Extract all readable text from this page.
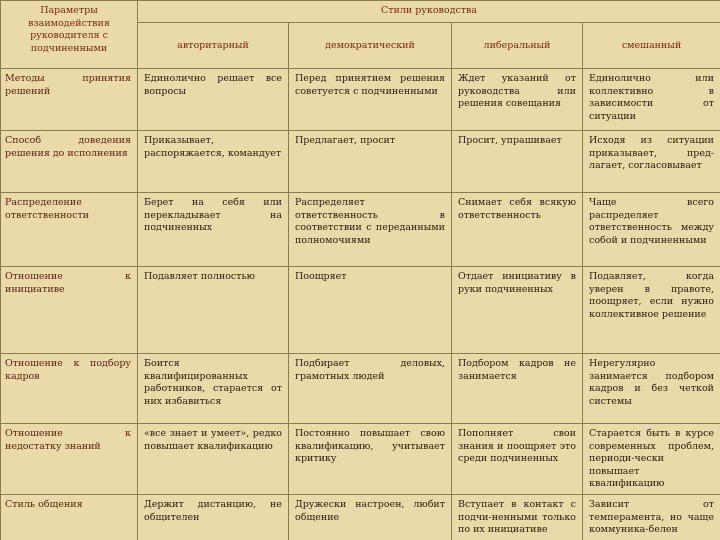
Параметры взаимодействия руководителя с подчиненными	Стили руководства			
	авторитарный	демократический	либеральный	смешанный
Методы принятия решений	Единолично решает все вопросы	Перед принятием решения советуется с подчиненными	Ждет указаний от руководства или решения совещания	Единолично или коллективно в зависимости от ситуации
Способ доведения решения до исполнения	Приказывает, распоряжается, командует	Предлагает, просит	Просит, упрашивает	Исходя из ситуации приказывает, пред-лагает, согласовывает
Распределение ответственности	Берет на себя или перекладывает на подчиненных	Распределяет ответственность в соответствии с переданными полномочиями	Снимает себя всякую ответственность	Чаще всего распределяет ответственность между собой и подчиненными
Отношение к инициативе	Подавляет полностью	Поощряет	Отдает инициативу в руки подчиненных	Подавляет, когда уверен в правоте, поощряет, если нужно коллективное решение
Отношение к подбору кадров	Боится квалифицированных работников, старается от них избавиться	Подбирает деловых, грамотных людей	Подбором кадров не занимается	Нерегулярно занимается подбором кадров и без четкой системы
Отношение к недостатку знаний	«все знает и умеет», редко повышает квалификацию	Постоянно повышает свою квалификацию, учитывает критику	Пополняет свои знания и поощряет это среди подчиненных	Старается быть в курсе современных проблем, периоди-чески повышает квалификацию
Стиль общения	Держит дистанцию, не общителен	Дружески настроен, любит общение	Вступает в контакт с подчи-ненными только по их инициативе	Зависит от темперамента, но чаще коммуника-белен
